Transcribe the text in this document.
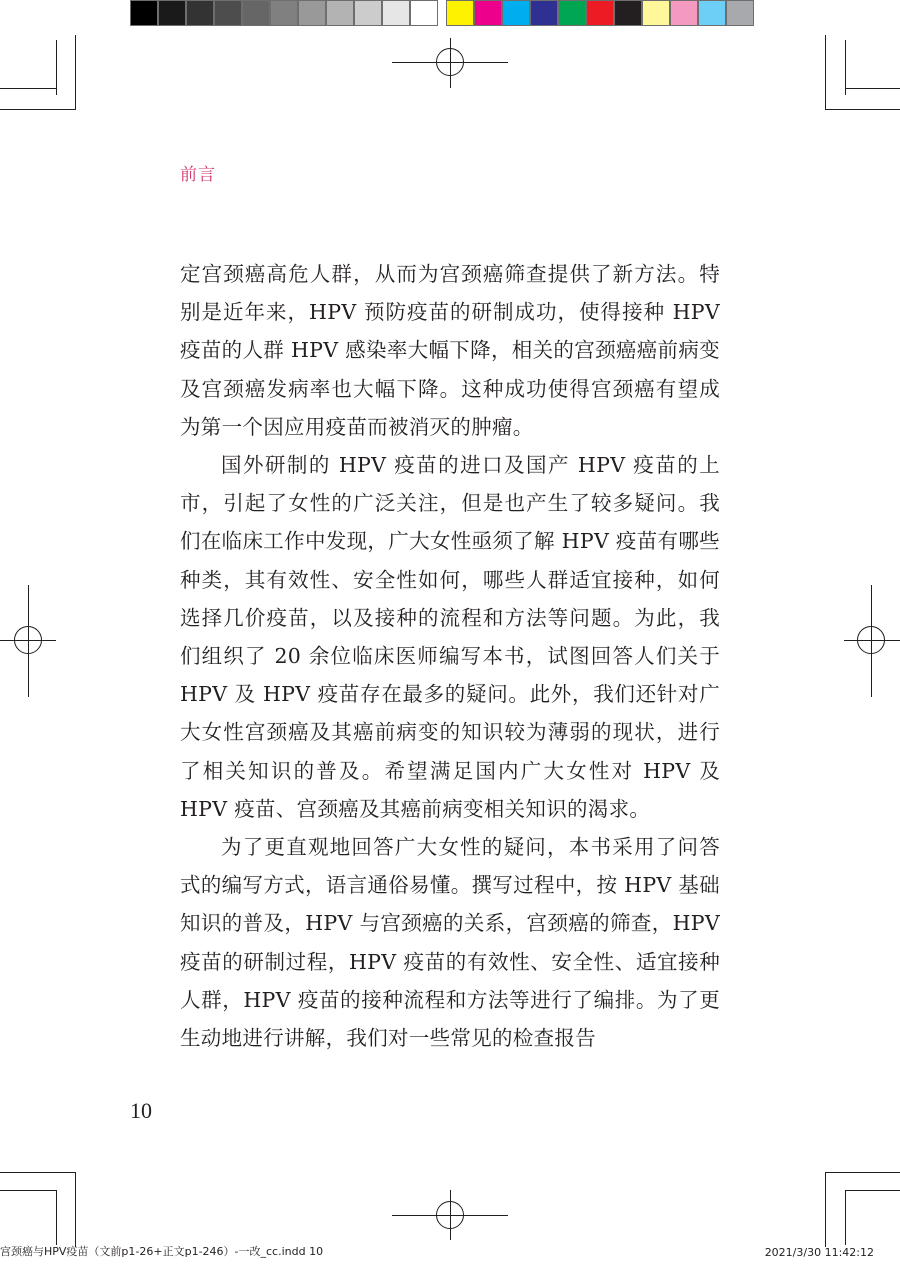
前言

定宫颈癌高危人群，从而为宫颈癌筛查提供了新方法。特别是近年来，HPV 预防疫苗的研制成功，使得接种 HPV 疫苗的人群 HPV 感染率大幅下降，相关的宫颈癌癌前病变及宫颈癌发病率也大幅下降。这种成功使得宫颈癌有望成为第一个因应用疫苗而被消灭的肿瘤。

国外研制的 HPV 疫苗的进口及国产 HPV 疫苗的上市，引起了女性的广泛关注，但是也产生了较多疑问。我们在临床工作中发现，广大女性亟须了解 HPV 疫苗有哪些种类，其有效性、安全性如何，哪些人群适宜接种，如何选择几价疫苗，以及接种的流程和方法等问题。为此，我们组织了 20 余位临床医师编写本书，试图回答人们关于 HPV 及 HPV 疫苗存在最多的疑问。此外，我们还针对广大女性宫颈癌及其癌前病变的知识较为薄弱的现状，进行了相关知识的普及。希望满足国内广大女性对 HPV 及 HPV 疫苗、宫颈癌及其癌前病变相关知识的渴求。

为了更直观地回答广大女性的疑问，本书采用了问答式的编写方式，语言通俗易懂。撰写过程中，按 HPV 基础知识的普及，HPV 与宫颈癌的关系，宫颈癌的筛查，HPV 疫苗的研制过程，HPV 疫苗的有效性、安全性、适宜接种人群，HPV 疫苗的接种流程和方法等进行了编排。为了更生动地进行讲解，我们对一些常见的检查报告

10
宫颈癌与HPV疫苗（文前p1-26+正文p1-246）-一改_cc.indd 10	2021/3/30 11:42:12
